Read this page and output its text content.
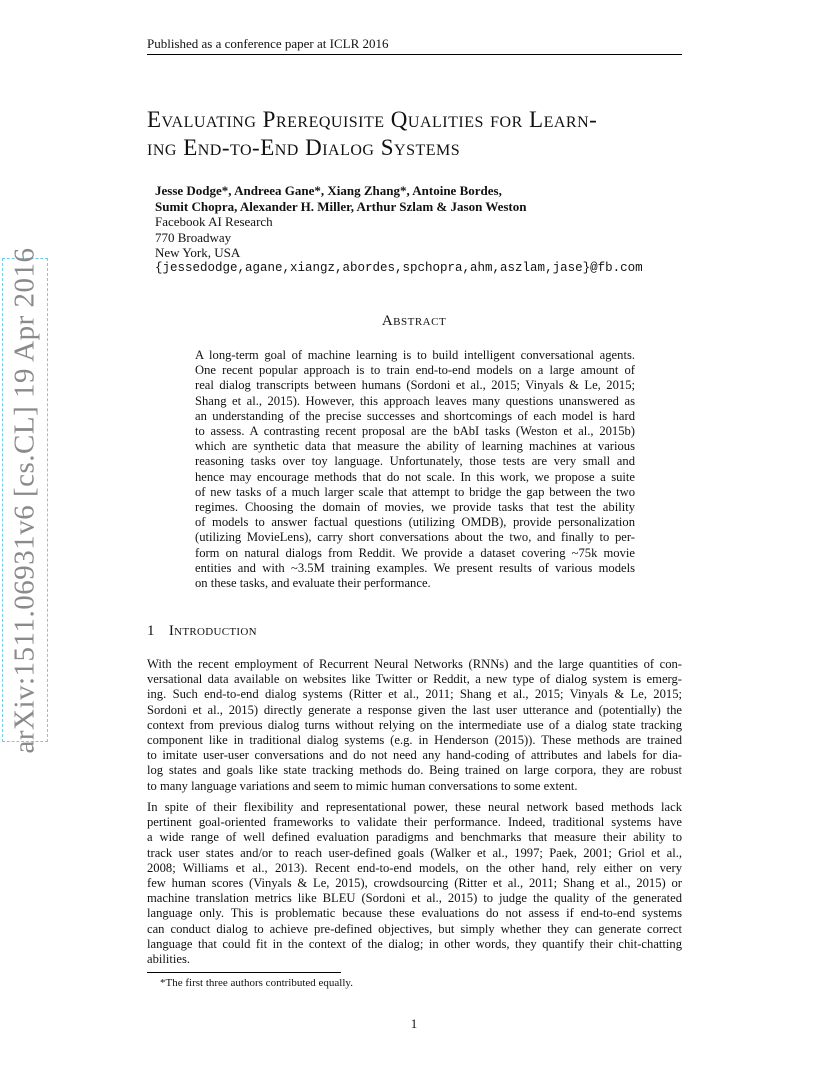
Published as a conference paper at ICLR 2016
arXiv:1511.06931v6 [cs.CL] 19 Apr 2016
Evaluating Prerequisite Qualities for Learn-
ing End-to-End Dialog Systems
Jesse Dodge*, Andreea Gane*, Xiang Zhang*, Antoine Bordes,
Sumit Chopra, Alexander H. Miller, Arthur Szlam & Jason Weston
Facebook AI Research
770 Broadway
New York, USA
{jessedodge,agane,xiangz,abordes,spchopra,ahm,aszlam,jase}@fb.com
Abstract

A long-term goal of machine learning is to build intelligent conversational agents.
One recent popular approach is to train end-to-end models on a large amount of
real dialog transcripts between humans (Sordoni et al., 2015; Vinyals & Le, 2015;
Shang et al., 2015). However, this approach leaves many questions unanswered as
an understanding of the precise successes and shortcomings of each model is hard
to assess. A contrasting recent proposal are the bAbI tasks (Weston et al., 2015b)
which are synthetic data that measure the ability of learning machines at various
reasoning tasks over toy language. Unfortunately, those tests are very small and
hence may encourage methods that do not scale. In this work, we propose a suite
of new tasks of a much larger scale that attempt to bridge the gap between the two
regimes. Choosing the domain of movies, we provide tasks that test the ability
of models to answer factual questions (utilizing OMDB), provide personalization
(utilizing MovieLens), carry short conversations about the two, and finally to per-
form on natural dialogs from Reddit. We provide a dataset covering ~75k movie
entities and with ~3.5M training examples. We present results of various models
on these tasks, and evaluate their performance.

1 Introduction

With the recent employment of Recurrent Neural Networks (RNNs) and the large quantities of con-
versational data available on websites like Twitter or Reddit, a new type of dialog system is emerg-
ing. Such end-to-end dialog systems (Ritter et al., 2011; Shang et al., 2015; Vinyals & Le, 2015;
Sordoni et al., 2015) directly generate a response given the last user utterance and (potentially) the
context from previous dialog turns without relying on the intermediate use of a dialog state tracking
component like in traditional dialog systems (e.g. in Henderson (2015)). These methods are trained
to imitate user-user conversations and do not need any hand-coding of attributes and labels for dia-
log states and goals like state tracking methods do. Being trained on large corpora, they are robust
to many language variations and seem to mimic human conversations to some extent.

In spite of their flexibility and representational power, these neural network based methods lack
pertinent goal-oriented frameworks to validate their performance. Indeed, traditional systems have
a wide range of well defined evaluation paradigms and benchmarks that measure their ability to
track user states and/or to reach user-defined goals (Walker et al., 1997; Paek, 2001; Griol et al.,
2008; Williams et al., 2013). Recent end-to-end models, on the other hand, rely either on very
few human scores (Vinyals & Le, 2015), crowdsourcing (Ritter et al., 2011; Shang et al., 2015) or
machine translation metrics like BLEU (Sordoni et al., 2015) to judge the quality of the generated
language only. This is problematic because these evaluations do not assess if end-to-end systems
can conduct dialog to achieve pre-defined objectives, but simply whether they can generate correct
language that could fit in the context of the dialog; in other words, they quantify their chit-chatting
abilities.

*The first three authors contributed equally.
1
